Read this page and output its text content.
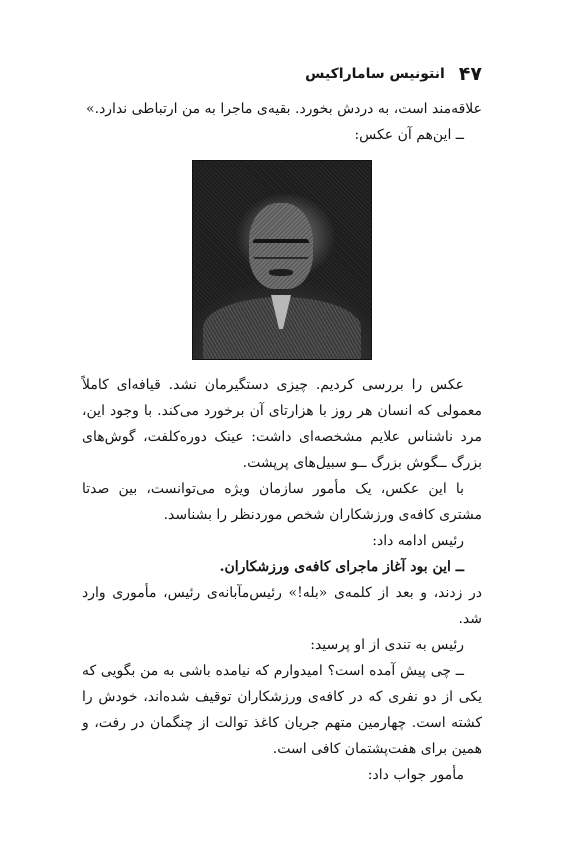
۴۷
انتونیس ساماراکیس

علاقه‌مند است، به دردش بخورد. بقیه‌ی ماجرا به من ارتباطی ندارد.»

ــ این‌هم آن عکس:

عکس را بررسی کردیم. چیزی دستگیرمان نشد. قیافه‌ای کاملاً معمولی که انسان هر روز با هزارتای آن برخورد می‌کند. با وجود این، مرد ناشناس علایم مشخصه‌ای داشت: عینک دوره‌کلفت، گوش‌های بزرگ ــگوش بزرگ ــو سبیل‌های پرپشت.

با این عکس، یک مأمور سازمان ویژه می‌توانست، بین صدتا مشتری کافه‌ی ورزشکاران شخص موردنظر را بشناسد.

رئیس ادامه داد:

ــ این بود آغاز ماجرای کافه‌ی ورزشکاران.

در زدند، و بعد از کلمه‌ی «بله!» رئیس‌مآبانه‌ی رئیس، مأموری وارد شد.

رئیس به تندی از او پرسید:

ــ چی پیش آمده است؟ امیدوارم که نیامده باشی به من بگویی که یکی از دو نفری که در کافه‌ی ورزشکاران توقیف شده‌اند، خودش را کشته است. چهارمین متهم جریان کاغذ توالت از چنگمان در رفت، و همین برای هفت‌پشتمان کافی است.

مأمور جواب داد:
